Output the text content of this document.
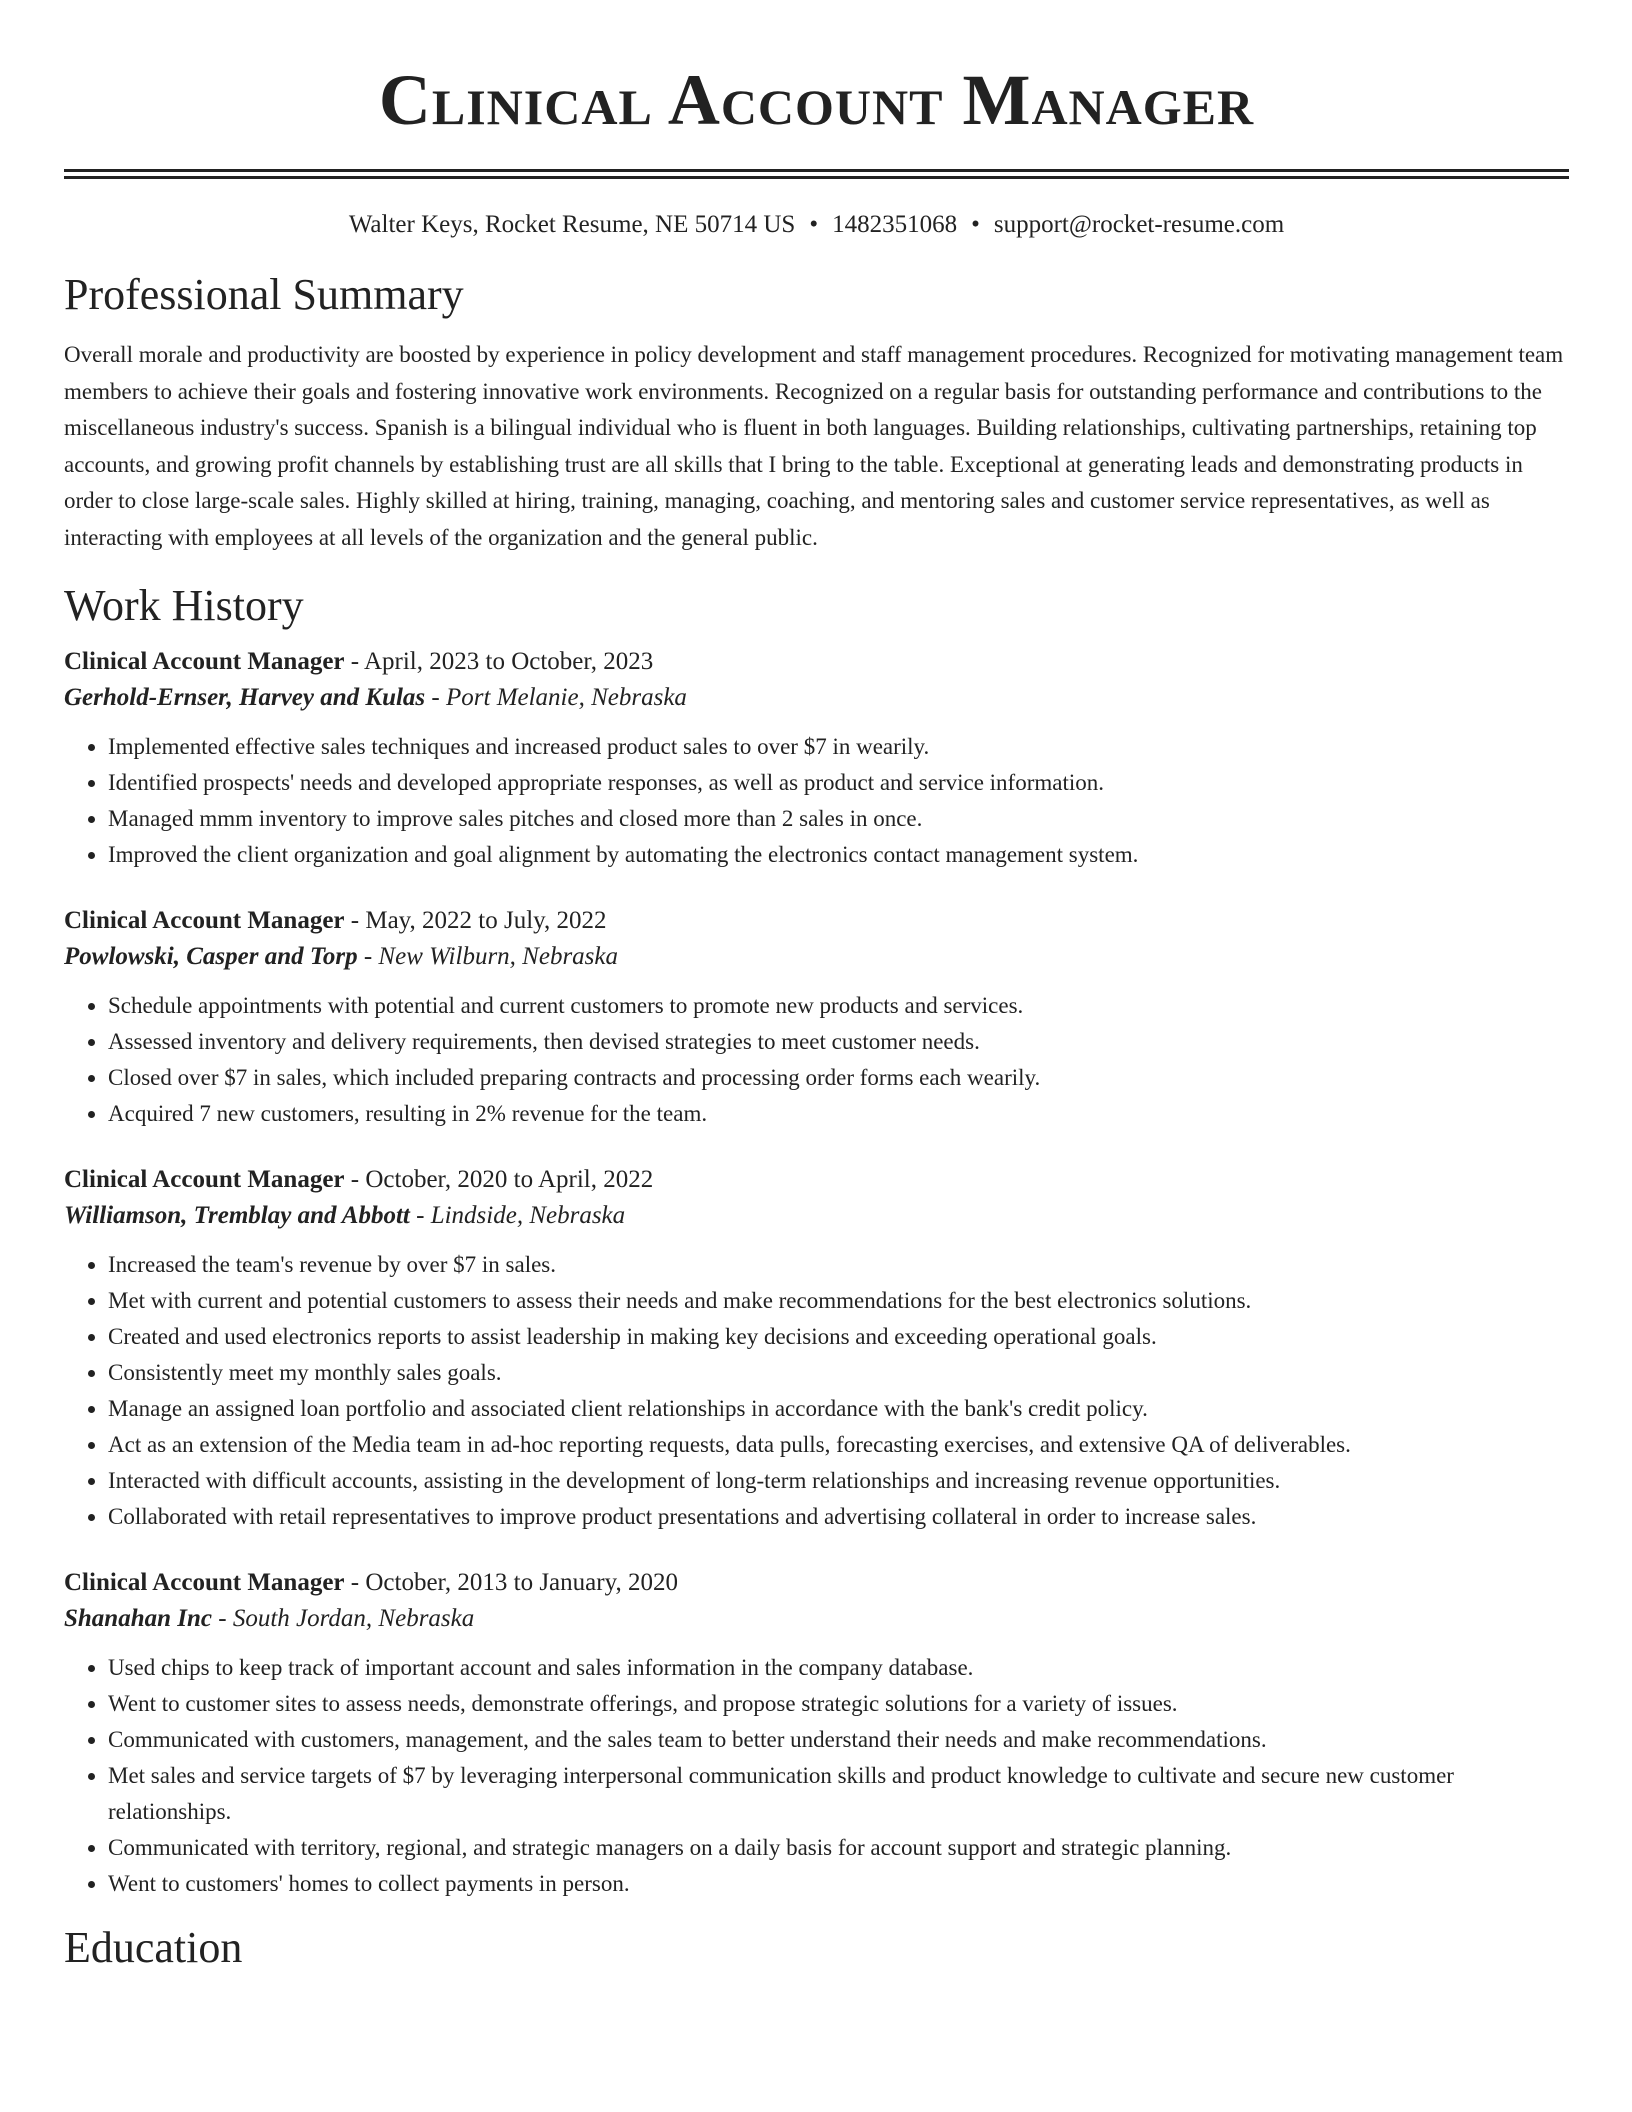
Clinical Account Manager
Walter Keys, Rocket Resume, NE 50714 US • 1482351068 • support@rocket-resume.com
Professional Summary
Overall morale and productivity are boosted by experience in policy development and staff management procedures. Recognized for motivating management team members to achieve their goals and fostering innovative work environments. Recognized on a regular basis for outstanding performance and contributions to the miscellaneous industry's success. Spanish is a bilingual individual who is fluent in both languages. Building relationships, cultivating partnerships, retaining top accounts, and growing profit channels by establishing trust are all skills that I bring to the table. Exceptional at generating leads and demonstrating products in order to close large-scale sales. Highly skilled at hiring, training, managing, coaching, and mentoring sales and customer service representatives, as well as interacting with employees at all levels of the organization and the general public.
Work History
Clinical Account Manager - April, 2023 to October, 2023
Gerhold-Ernser, Harvey and Kulas - Port Melanie, Nebraska
• Implemented effective sales techniques and increased product sales to over $7 in wearily.
• Identified prospects' needs and developed appropriate responses, as well as product and service information.
• Managed mmm inventory to improve sales pitches and closed more than 2 sales in once.
• Improved the client organization and goal alignment by automating the electronics contact management system.
Clinical Account Manager - May, 2022 to July, 2022
Powlowski, Casper and Torp - New Wilburn, Nebraska
• Schedule appointments with potential and current customers to promote new products and services.
• Assessed inventory and delivery requirements, then devised strategies to meet customer needs.
• Closed over $7 in sales, which included preparing contracts and processing order forms each wearily.
• Acquired 7 new customers, resulting in 2% revenue for the team.
Clinical Account Manager - October, 2020 to April, 2022
Williamson, Tremblay and Abbott - Lindside, Nebraska
• Increased the team's revenue by over $7 in sales.
• Met with current and potential customers to assess their needs and make recommendations for the best electronics solutions.
• Created and used electronics reports to assist leadership in making key decisions and exceeding operational goals.
• Consistently meet my monthly sales goals.
• Manage an assigned loan portfolio and associated client relationships in accordance with the bank's credit policy.
• Act as an extension of the Media team in ad-hoc reporting requests, data pulls, forecasting exercises, and extensive QA of deliverables.
• Interacted with difficult accounts, assisting in the development of long-term relationships and increasing revenue opportunities.
• Collaborated with retail representatives to improve product presentations and advertising collateral in order to increase sales.
Clinical Account Manager - October, 2013 to January, 2020
Shanahan Inc - South Jordan, Nebraska
• Used chips to keep track of important account and sales information in the company database.
• Went to customer sites to assess needs, demonstrate offerings, and propose strategic solutions for a variety of issues.
• Communicated with customers, management, and the sales team to better understand their needs and make recommendations.
• Met sales and service targets of $7 by leveraging interpersonal communication skills and product knowledge to cultivate and secure new customer relationships.
• Communicated with territory, regional, and strategic managers on a daily basis for account support and strategic planning.
• Went to customers' homes to collect payments in person.
Education
